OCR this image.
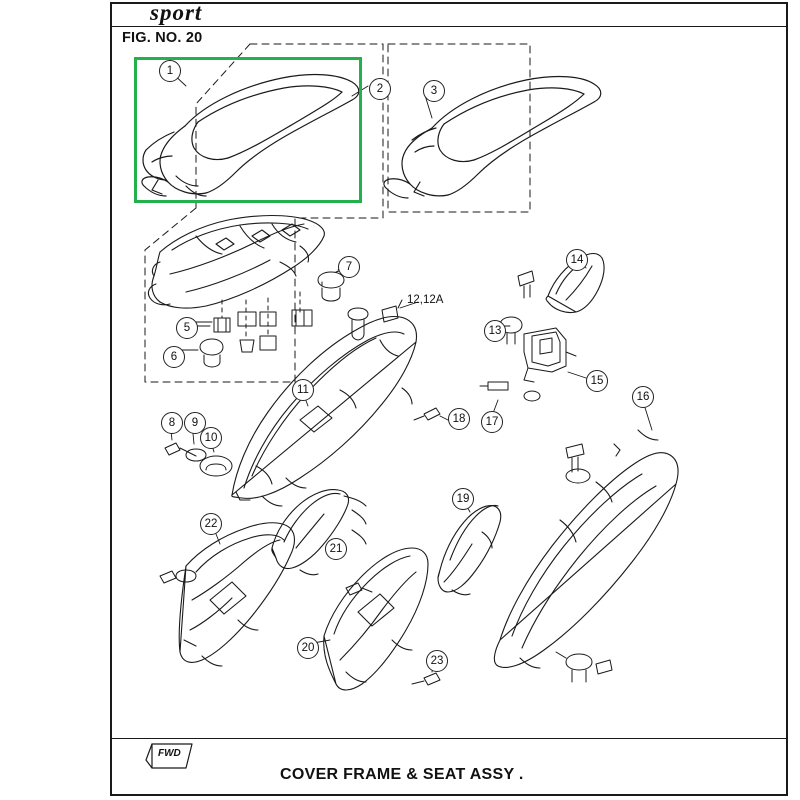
sport
FIG. NO. 20
COVER FRAME & SEAT ASSY .
FWD
1
2	3
7
5
6
12,12A
13
14
15
16
17
18
11
8	9
10
22
21
19
20
23
